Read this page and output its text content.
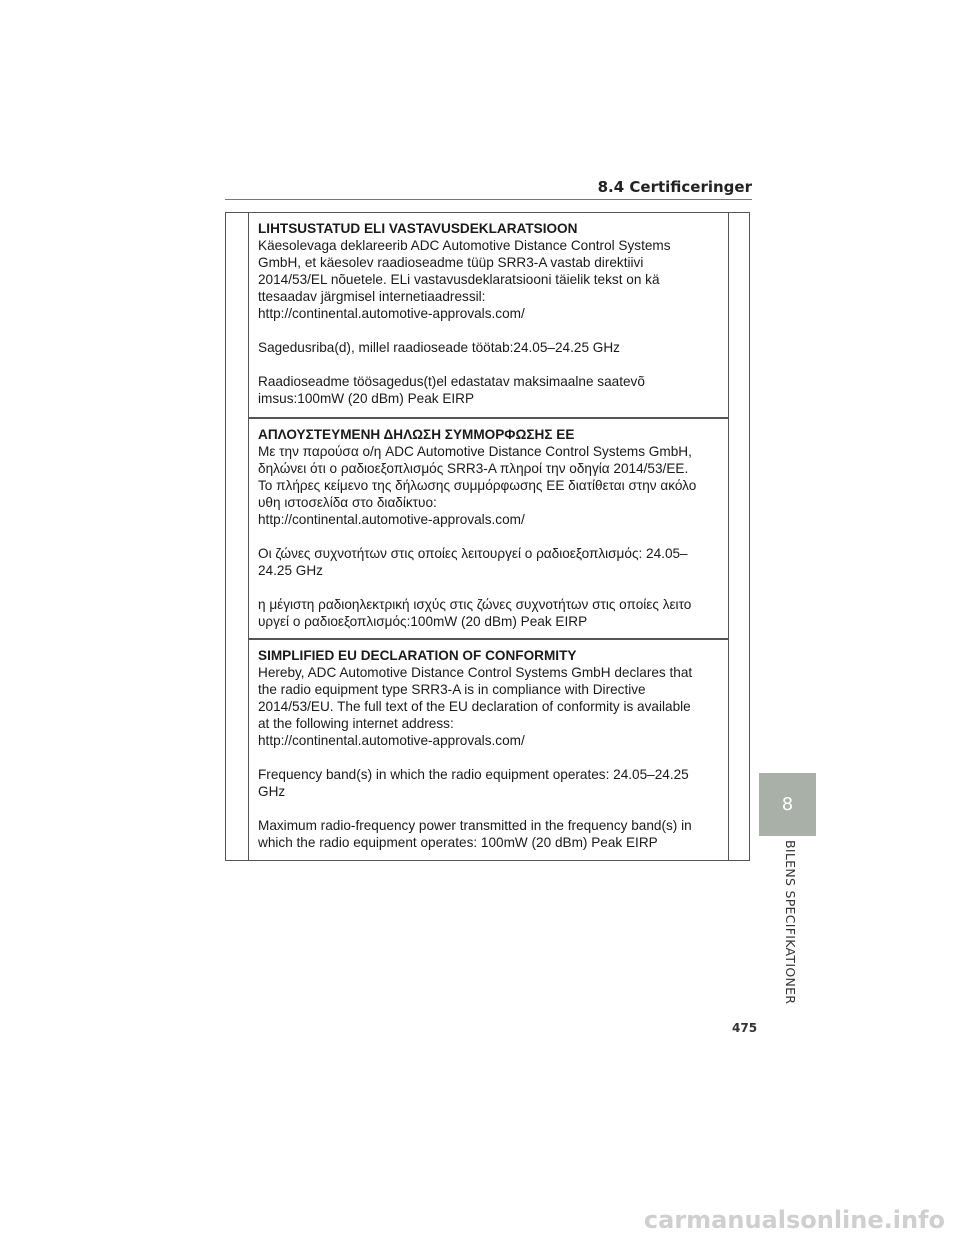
8.4 Certificeringer

LIHTSUSTATUD ELI VASTAVUSDEKLARATSIOON

Käesolevaga deklareerib ADC Automotive Distance Control Systems

GmbH, et käesolev raadioseadme tüüp SRR3-A vastab direktiivi

2014/53/EL nõuetele. ELi vastavusdeklaratsiooni täielik tekst on kä

ttesaadav järgmisel internetiaadressil:

http://continental.automotive-approvals.com/

Sagedusriba(d), millel raadioseade töötab:24.05–24.25 GHz

Raadioseadme töösagedus(t)el edastatav maksimaalne saatevõ

imsus:100mW (20 dBm) Peak EIRP

ΑΠΛΟΥΣΤΕΥΜΕΝΗ ΔΗΛΩΣΗ ΣΥΜΜΟΡΦΩΣΗΣ ΕΕ

Με την παρούσα ο/η ADC Automotive Distance Control Systems GmbH,

δηλώνει ότι ο ραδιοεξοπλισμός SRR3-A πληροί την οδηγία 2014/53/ΕΕ.

Το πλήρες κείμενο της δήλωσης συμμόρφωσης ΕΕ διατίθεται στην ακόλο

υθη ιστοσελίδα στο διαδίκτυο:

http://continental.automotive-approvals.com/

Οι ζώνες συχνοτήτων στις οποίες λειτουργεί ο ραδιοεξοπλισμός: 24.05–

24.25 GHz

η μέγιστη ραδιοηλεκτρική ισχύς στις ζώνες συχνοτήτων στις οποίες λειτο

υργεί ο ραδιοεξοπλισμός:100mW (20 dBm) Peak EIRP

SIMPLIFIED EU DECLARATION OF CONFORMITY

Hereby, ADC Automotive Distance Control Systems GmbH declares that

the radio equipment type SRR3-A is in compliance with Directive

2014/53/EU. The full text of the EU declaration of conformity is available

at the following internet address:

http://continental.automotive-approvals.com/

Frequency band(s) in which the radio equipment operates: 24.05–24.25

GHz

Maximum radio-frequency power transmitted in the frequency band(s) in

which the radio equipment operates: 100mW (20 dBm) Peak EIRP

8
BILENS SPECIFIKATIONER
475
carmanualsonline.info
